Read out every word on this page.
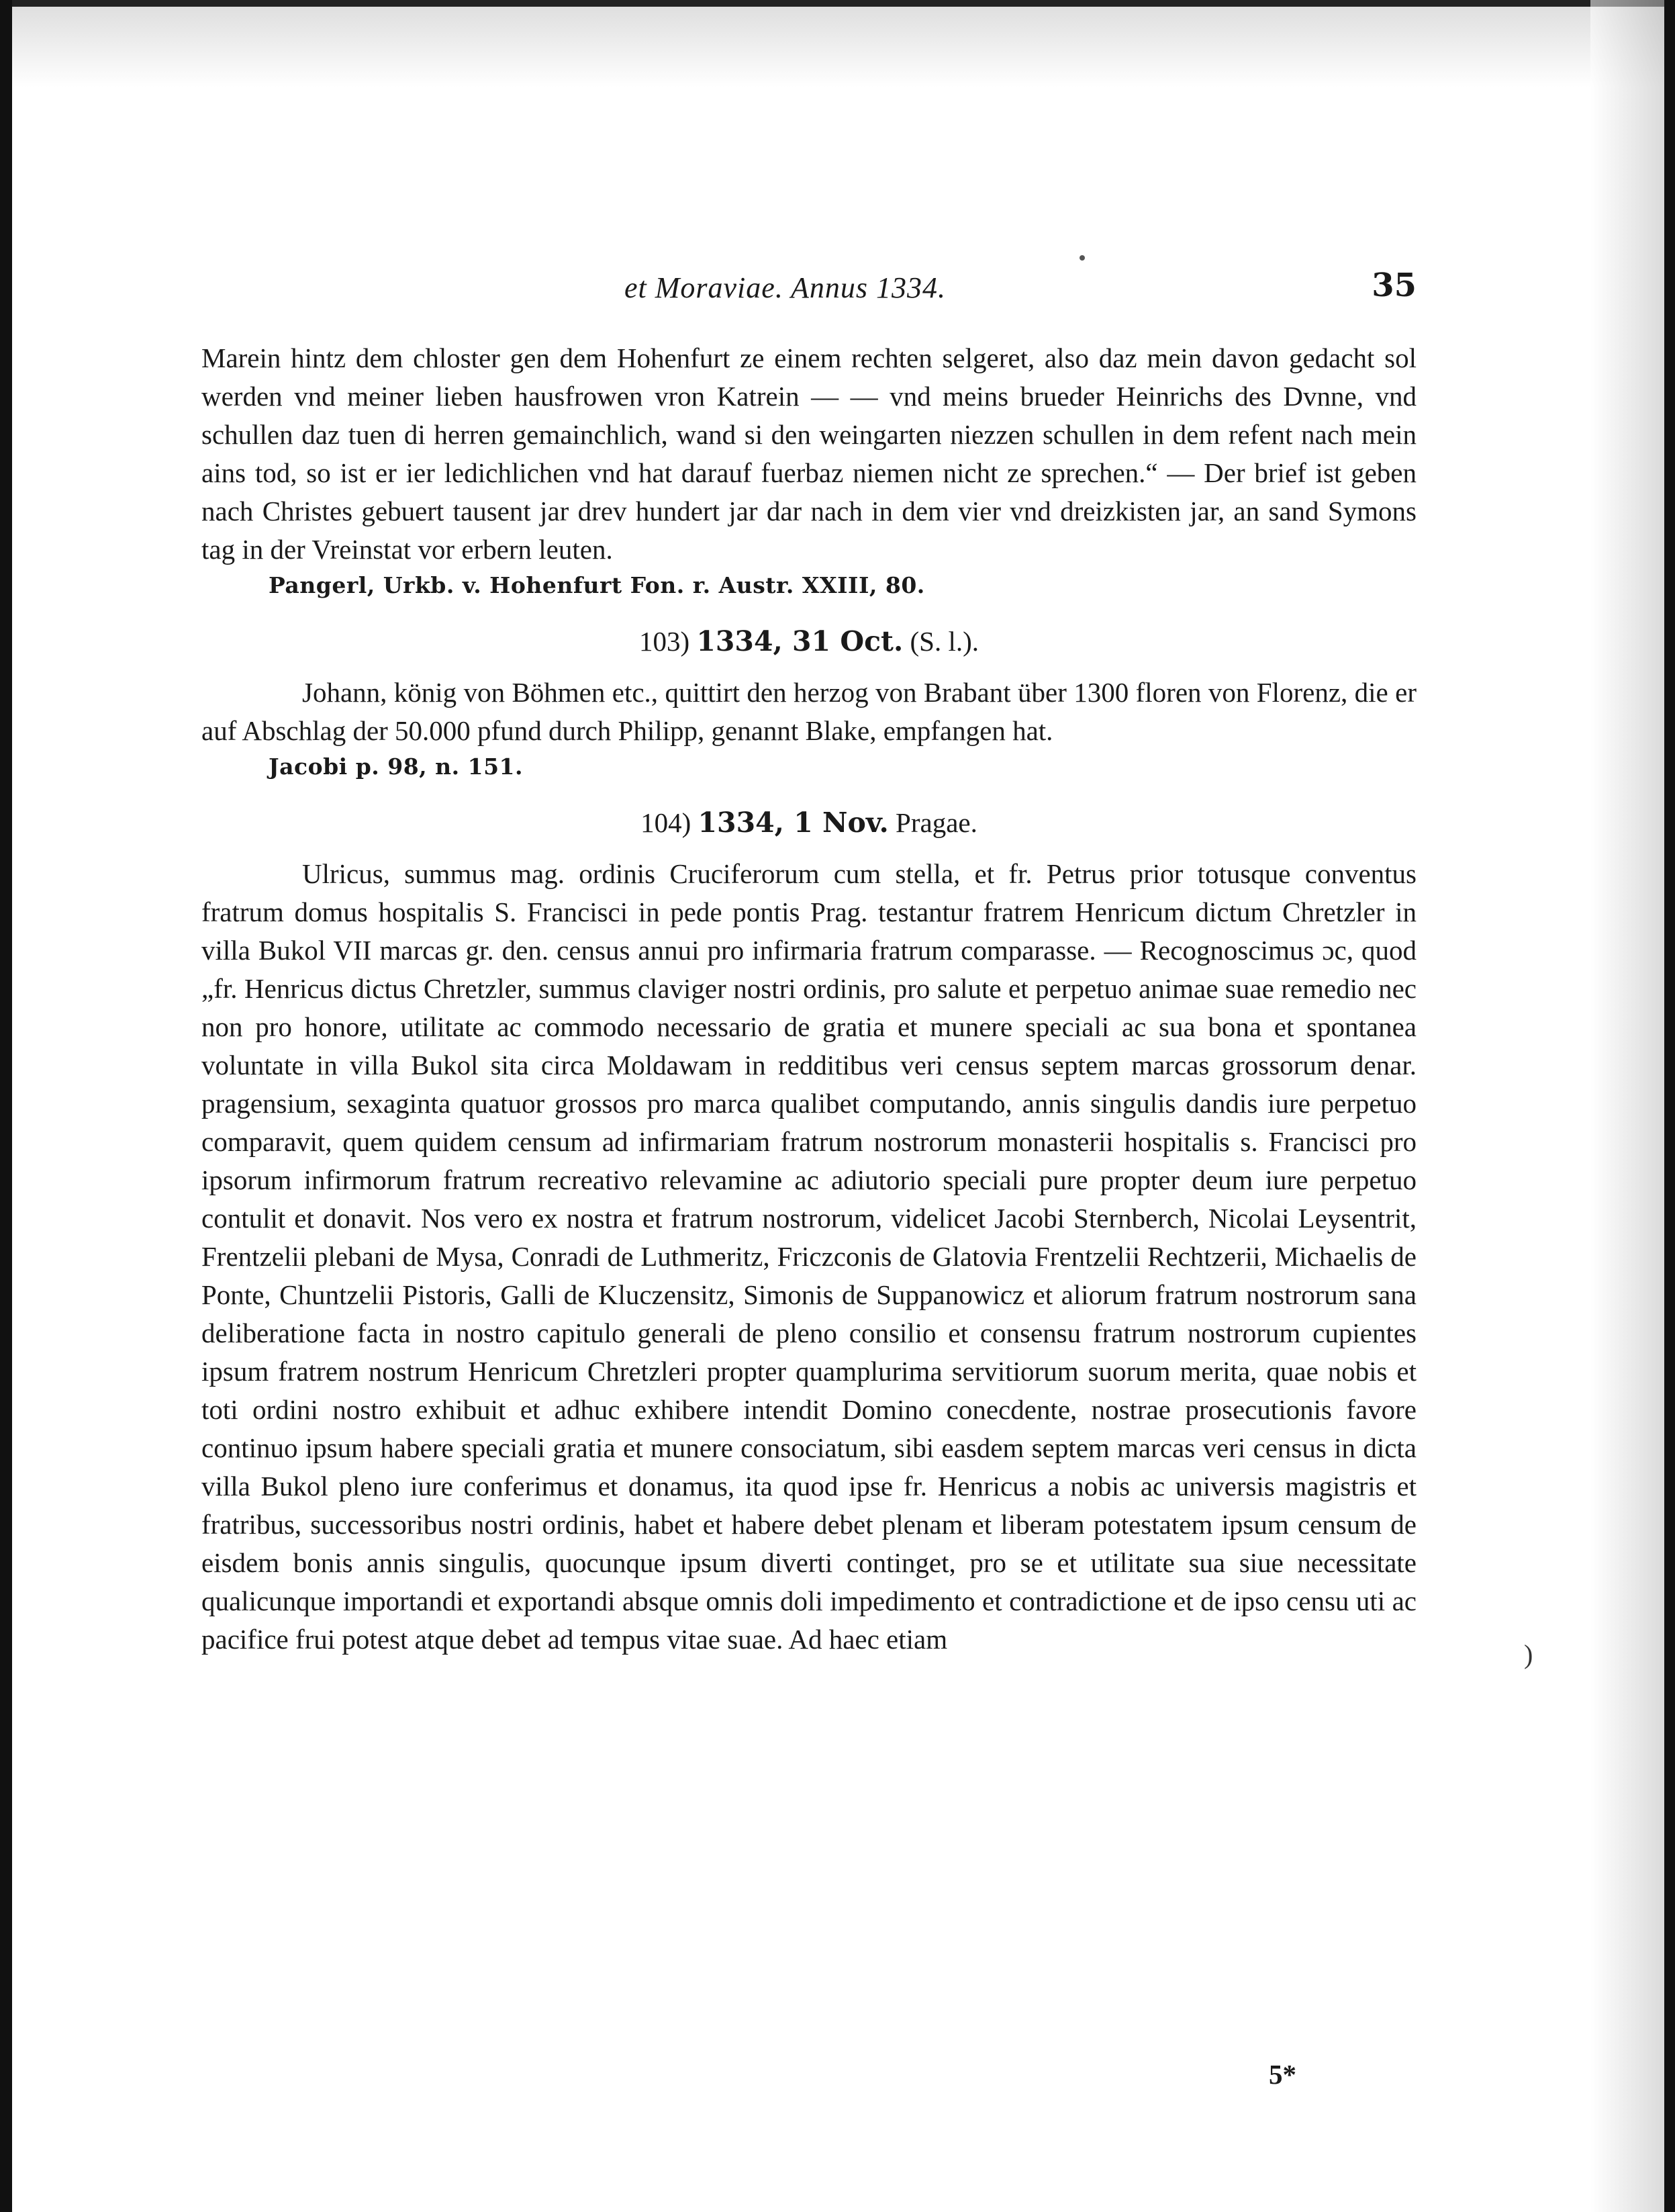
et Moraviae. Annus 1334.	35

Marein hintz dem chloster gen dem Hohenfurt ze einem rechten selgeret, also daz mein davon gedacht sol werden vnd meiner lieben hausfrowen vron Katrein — — vnd meins brueder Heinrichs des Dvnne, vnd schullen daz tuen di herren gemainchlich, wand si den weingarten niezzen schullen in dem refent nach mein ains tod, so ist er ier ledichlichen vnd hat darauf fuerbaz niemen nicht ze sprechen.“ — Der brief ist geben nach Christes gebuert tausent jar drev hundert jar dar nach in dem vier vnd dreizkisten jar, an sand Symons tag in der Vreinstat vor erbern leuten.

Pangerl, Urkb. v. Hohenfurt Fon. r. Austr. XXIII, 80.

103) 1334, 31 Oct. (S. l.).

Johann, könig von Böhmen etc., quittirt den herzog von Brabant über 1300 floren von Florenz, die er auf Abschlag der 50.000 pfund durch Philipp, genannt Blake, empfangen hat.

Jacobi p. 98, n. 151.

104) 1334, 1 Nov. Pragae.

Ulricus, summus mag. ordinis Cruciferorum cum stella, et fr. Petrus prior totusque conventus fratrum domus hospitalis S. Francisci in pede pontis Prag. testantur fratrem Henricum dictum Chretzler in villa Bukol VII marcas gr. den. census annui pro infirmaria fratrum comparasse. — Recognoscimus ɔc, quod „fr. Henricus dictus Chretzler, summus claviger nostri ordinis, pro salute et perpetuo animae suae remedio nec non pro honore, utilitate ac commodo necessario de gratia et munere speciali ac sua bona et spontanea voluntate in villa Bukol sita circa Moldawam in redditibus veri census septem marcas grossorum denar. pragensium, sexaginta quatuor grossos pro marca qualibet computando, annis singulis dandis iure perpetuo comparavit, quem quidem censum ad infirmariam fratrum nostrorum monasterii hospitalis s. Francisci pro ipsorum infirmorum fratrum recreativo relevamine ac adiutorio speciali pure propter deum iure perpetuo contulit et donavit. Nos vero ex nostra et fratrum nostrorum, videlicet Jacobi Sternberch, Nicolai Leysentrit, Frentzelii plebani de Mysa, Conradi de Luthmeritz, Friczconis de Glatovia Frentzelii Rechtzerii, Michaelis de Ponte, Chuntzelii Pistoris, Galli de Kluczensitz, Simonis de Suppanowicz et aliorum fratrum nostrorum sana deliberatione facta in nostro capitulo generali de pleno consilio et consensu fratrum nostrorum cupientes ipsum fratrem nostrum Henricum Chretzleri propter quamplurima servitiorum suorum merita, quae nobis et toti ordini nostro exhibuit et adhuc exhibere intendit Domino conecdente, nostrae prosecutionis favore continuo ipsum habere speciali gratia et munere consociatum, sibi easdem septem marcas veri census in dicta villa Bukol pleno iure conferimus et donamus, ita quod ipse fr. Henricus a nobis ac universis magistris et fratribus, successoribus nostri ordinis, habet et habere debet plenam et liberam potestatem ipsum censum de eisdem bonis annis singulis, quocunque ipsum diverti continget, pro se et utilitate sua siue necessitate qualicunque importandi et exportandi absque omnis doli impedimento et contradictione et de ipso censu uti ac pacifice frui potest atque debet ad tempus vitae suae. Ad haec etiam

5*
)
